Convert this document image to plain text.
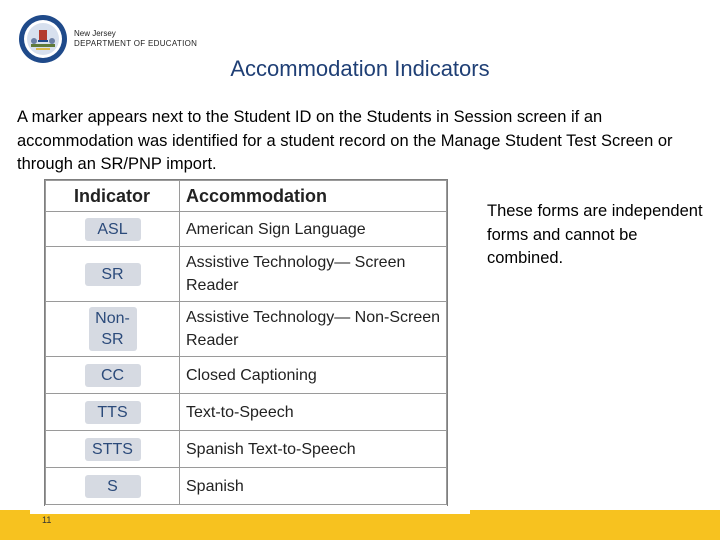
New Jersey
DEPARTMENT OF EDUCATION
Accommodation Indicators
A marker appears next to the Student ID on the Students in Session screen if an accommodation was identified for a student record on the Manage Student Test Screen or through an SR/PNP import.
Indicator	Accommodation
ASL	American Sign Language
SR	Assistive Technology— Screen Reader
Non-SR	Assistive Technology— Non-Screen Reader
CC	Closed Captioning
TTS	Text-to-Speech
STTS	Spanish Text-to-Speech
S	Spanish
These forms are independent forms and cannot be combined.
11
